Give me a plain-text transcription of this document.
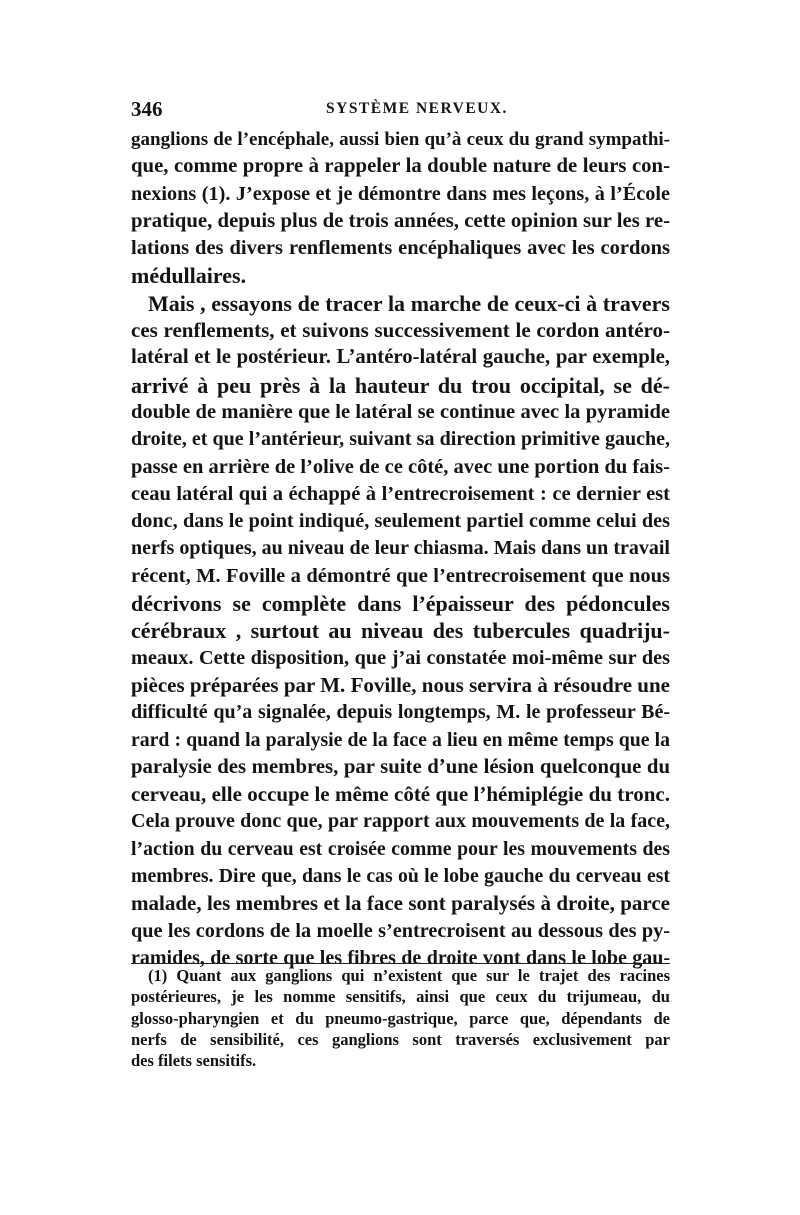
346	SYSTÈME NERVEUX.
ganglions de l’encéphale, aussi bien qu’à ceux du grand sympathi-
que, comme propre à rappeler la double nature de leurs con-
nexions (1). J’expose et je démontre dans mes leçons, à l’École
pratique, depuis plus de trois années, cette opinion sur les re-
lations des divers renflements encéphaliques avec les cordons
médullaires.
Mais , essayons de tracer la marche de ceux-ci à travers
ces renflements, et suivons successivement le cordon antéro-
latéral et le postérieur. L’antéro-latéral gauche, par exemple,
arrivé à peu près à la hauteur du trou occipital, se dé-
double de manière que le latéral se continue avec la pyramide
droite, et que l’antérieur, suivant sa direction primitive gauche,
passe en arrière de l’olive de ce côté, avec une portion du fais-
ceau latéral qui a échappé à l’entrecroisement : ce dernier est
donc, dans le point indiqué, seulement partiel comme celui des
nerfs optiques, au niveau de leur chiasma. Mais dans un travail
récent, M. Foville a démontré que l’entrecroisement que nous
décrivons se complète dans l’épaisseur des pédoncules
cérébraux , surtout au niveau des tubercules quadriju-
meaux. Cette disposition, que j’ai constatée moi-même sur des
pièces préparées par M. Foville, nous servira à résoudre une
difficulté qu’a signalée, depuis longtemps, M. le professeur Bé-
rard : quand la paralysie de la face a lieu en même temps que la
paralysie des membres, par suite d’une lésion quelconque du
cerveau, elle occupe le même côté que l’hémiplégie du tronc.
Cela prouve donc que, par rapport aux mouvements de la face,
l’action du cerveau est croisée comme pour les mouvements des
membres. Dire que, dans le cas où le lobe gauche du cerveau est
malade, les membres et la face sont paralysés à droite, parce
que les cordons de la moelle s’entrecroisent au dessous des py-
ramides, de sorte que les fibres de droite vont dans le lobe gau-
(1) Quant aux ganglions qui n’existent que sur le trajet des racines
postérieures, je les nomme sensitifs, ainsi que ceux du trijumeau, du
glosso-pharyngien et du pneumo-gastrique, parce que, dépendants de
nerfs de sensibilité, ces ganglions sont traversés exclusivement par
des filets sensitifs.
